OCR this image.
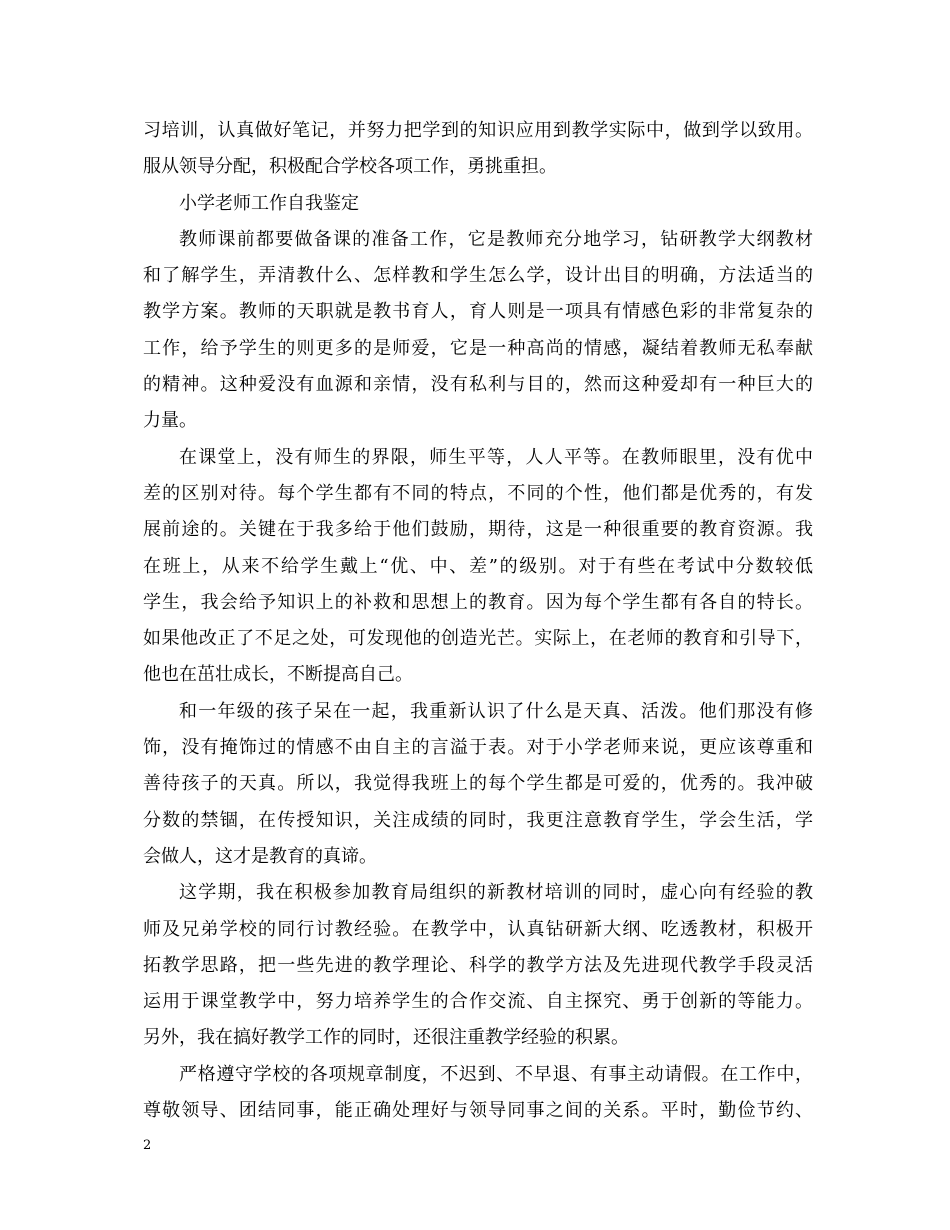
习培训，认真做好笔记，并努力把学到的知识应用到教学实际中，做到学以致用。
服从领导分配，积极配合学校各项工作，勇挑重担。
小学老师工作自我鉴定
教师课前都要做备课的准备工作，它是教师充分地学习，钻研教学大纲教材
和了解学生，弄清教什么、怎样教和学生怎么学，设计出目的明确，方法适当的
教学方案。教师的天职就是教书育人，育人则是一项具有情感色彩的非常复杂的
工作，给予学生的则更多的是师爱，它是一种高尚的情感，凝结着教师无私奉献
的精神。这种爱没有血源和亲情，没有私利与目的，然而这种爱却有一种巨大的
力量。
在课堂上，没有师生的界限，师生平等，人人平等。在教师眼里，没有优中
差的区别对待。每个学生都有不同的特点，不同的个性，他们都是优秀的，有发
展前途的。关键在于我多给于他们鼓励，期待，这是一种很重要的教育资源。我
在班上，从来不给学生戴上“优、中、差”的级别。对于有些在考试中分数较低
学生，我会给予知识上的补救和思想上的教育。因为每个学生都有各自的特长。
如果他改正了不足之处，可发现他的创造光芒。实际上，在老师的教育和引导下，
他也在茁壮成长，不断提高自己。
和一年级的孩子呆在一起，我重新认识了什么是天真、活泼。他们那没有修
饰，没有掩饰过的情感不由自主的言溢于表。对于小学老师来说，更应该尊重和
善待孩子的天真。所以，我觉得我班上的每个学生都是可爱的，优秀的。我冲破
分数的禁锢，在传授知识，关注成绩的同时，我更注意教育学生，学会生活，学
会做人，这才是教育的真谛。
这学期，我在积极参加教育局组织的新教材培训的同时，虚心向有经验的教
师及兄弟学校的同行讨教经验。在教学中，认真钻研新大纲、吃透教材，积极开
拓教学思路，把一些先进的教学理论、科学的教学方法及先进现代教学手段灵活
运用于课堂教学中，努力培养学生的合作交流、自主探究、勇于创新的等能力。
另外，我在搞好教学工作的同时，还很注重教学经验的积累。
严格遵守学校的各项规章制度，不迟到、不早退、有事主动请假。在工作中，
尊敬领导、团结同事，能正确处理好与领导同事之间的关系。平时，勤俭节约、
2
